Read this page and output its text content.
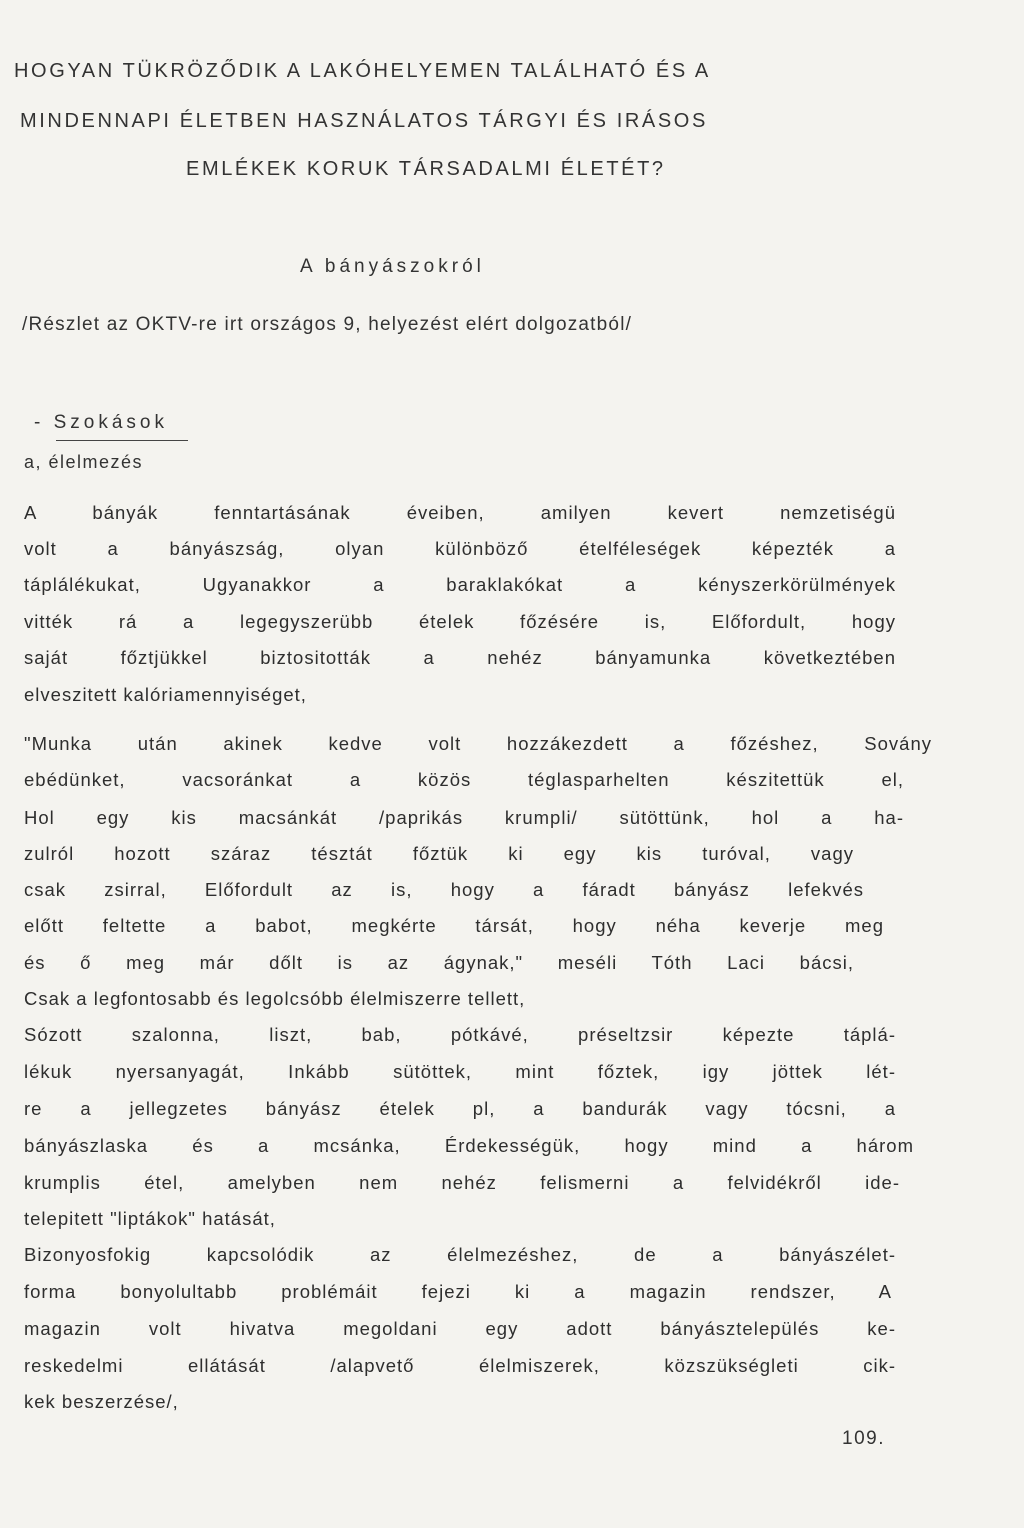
HOGYAN TÜKRÖZŐDIK A LAKÓHELYEMEN TALÁLHATÓ ÉS A
MINDENNAPI ÉLETBEN HASZNÁLATOS TÁRGYI ÉS IRÁSOS
EMLÉKEK KORUK TÁRSADALMI ÉLETÉT?
A bányászokról
/Részlet az OKTV-re irt országos 9, helyezést elért dolgozatból/
- Szokások
a, élelmezés
A bányák fenntartásának éveiben, amilyen kevert nemzetiségü
volt a bányászság, olyan különböző ételféleségek képezték a
táplálékukat, Ugyanakkor a baraklakókat a kényszerkörülmények
vitték rá a legegyszerübb ételek főzésére is, Előfordult, hogy
saját főztjükkel biztositották a nehéz bányamunka következtében
elveszitett kalóriamennyiséget,
"Munka után akinek kedve volt hozzákezdett a főzéshez, Sovány
ebédünket, vacsoránkat a közös téglasparhelten készitettük el,
Hol egy kis macsánkát /paprikás krumpli/ sütöttünk, hol a ha-
zulról hozott száraz tésztát főztük ki egy kis turóval, vagy
csak zsirral, Előfordult az is, hogy a fáradt bányász lefekvés
előtt feltette a babot, megkérte társát, hogy néha keverje meg
és ő meg már dőlt is az ágynak," meséli Tóth Laci bácsi,
Csak a legfontosabb és legolcsóbb élelmiszerre tellett,
Sózott szalonna, liszt, bab, pótkávé, préseltzsir képezte táplá-
lékuk nyersanyagát, Inkább sütöttek, mint főztek, igy jöttek lét-
re a jellegzetes bányász ételek pl, a bandurák vagy tócsni, a
bányászlaska és a mcsánka, Érdekességük, hogy mind a három
krumplis étel, amelyben nem nehéz felismerni a felvidékről ide-
telepitett "liptákok" hatását,
Bizonyosfokig kapcsolódik az élelmezéshez, de a bányászélet-
forma bonyolultabb problémáit fejezi ki a magazin rendszer, A
magazin volt hivatva megoldani egy adott bányásztelepülés ke-
reskedelmi ellátását /alapvető élelmiszerek, közszükségleti cik-
kek beszerzése/,
109.
